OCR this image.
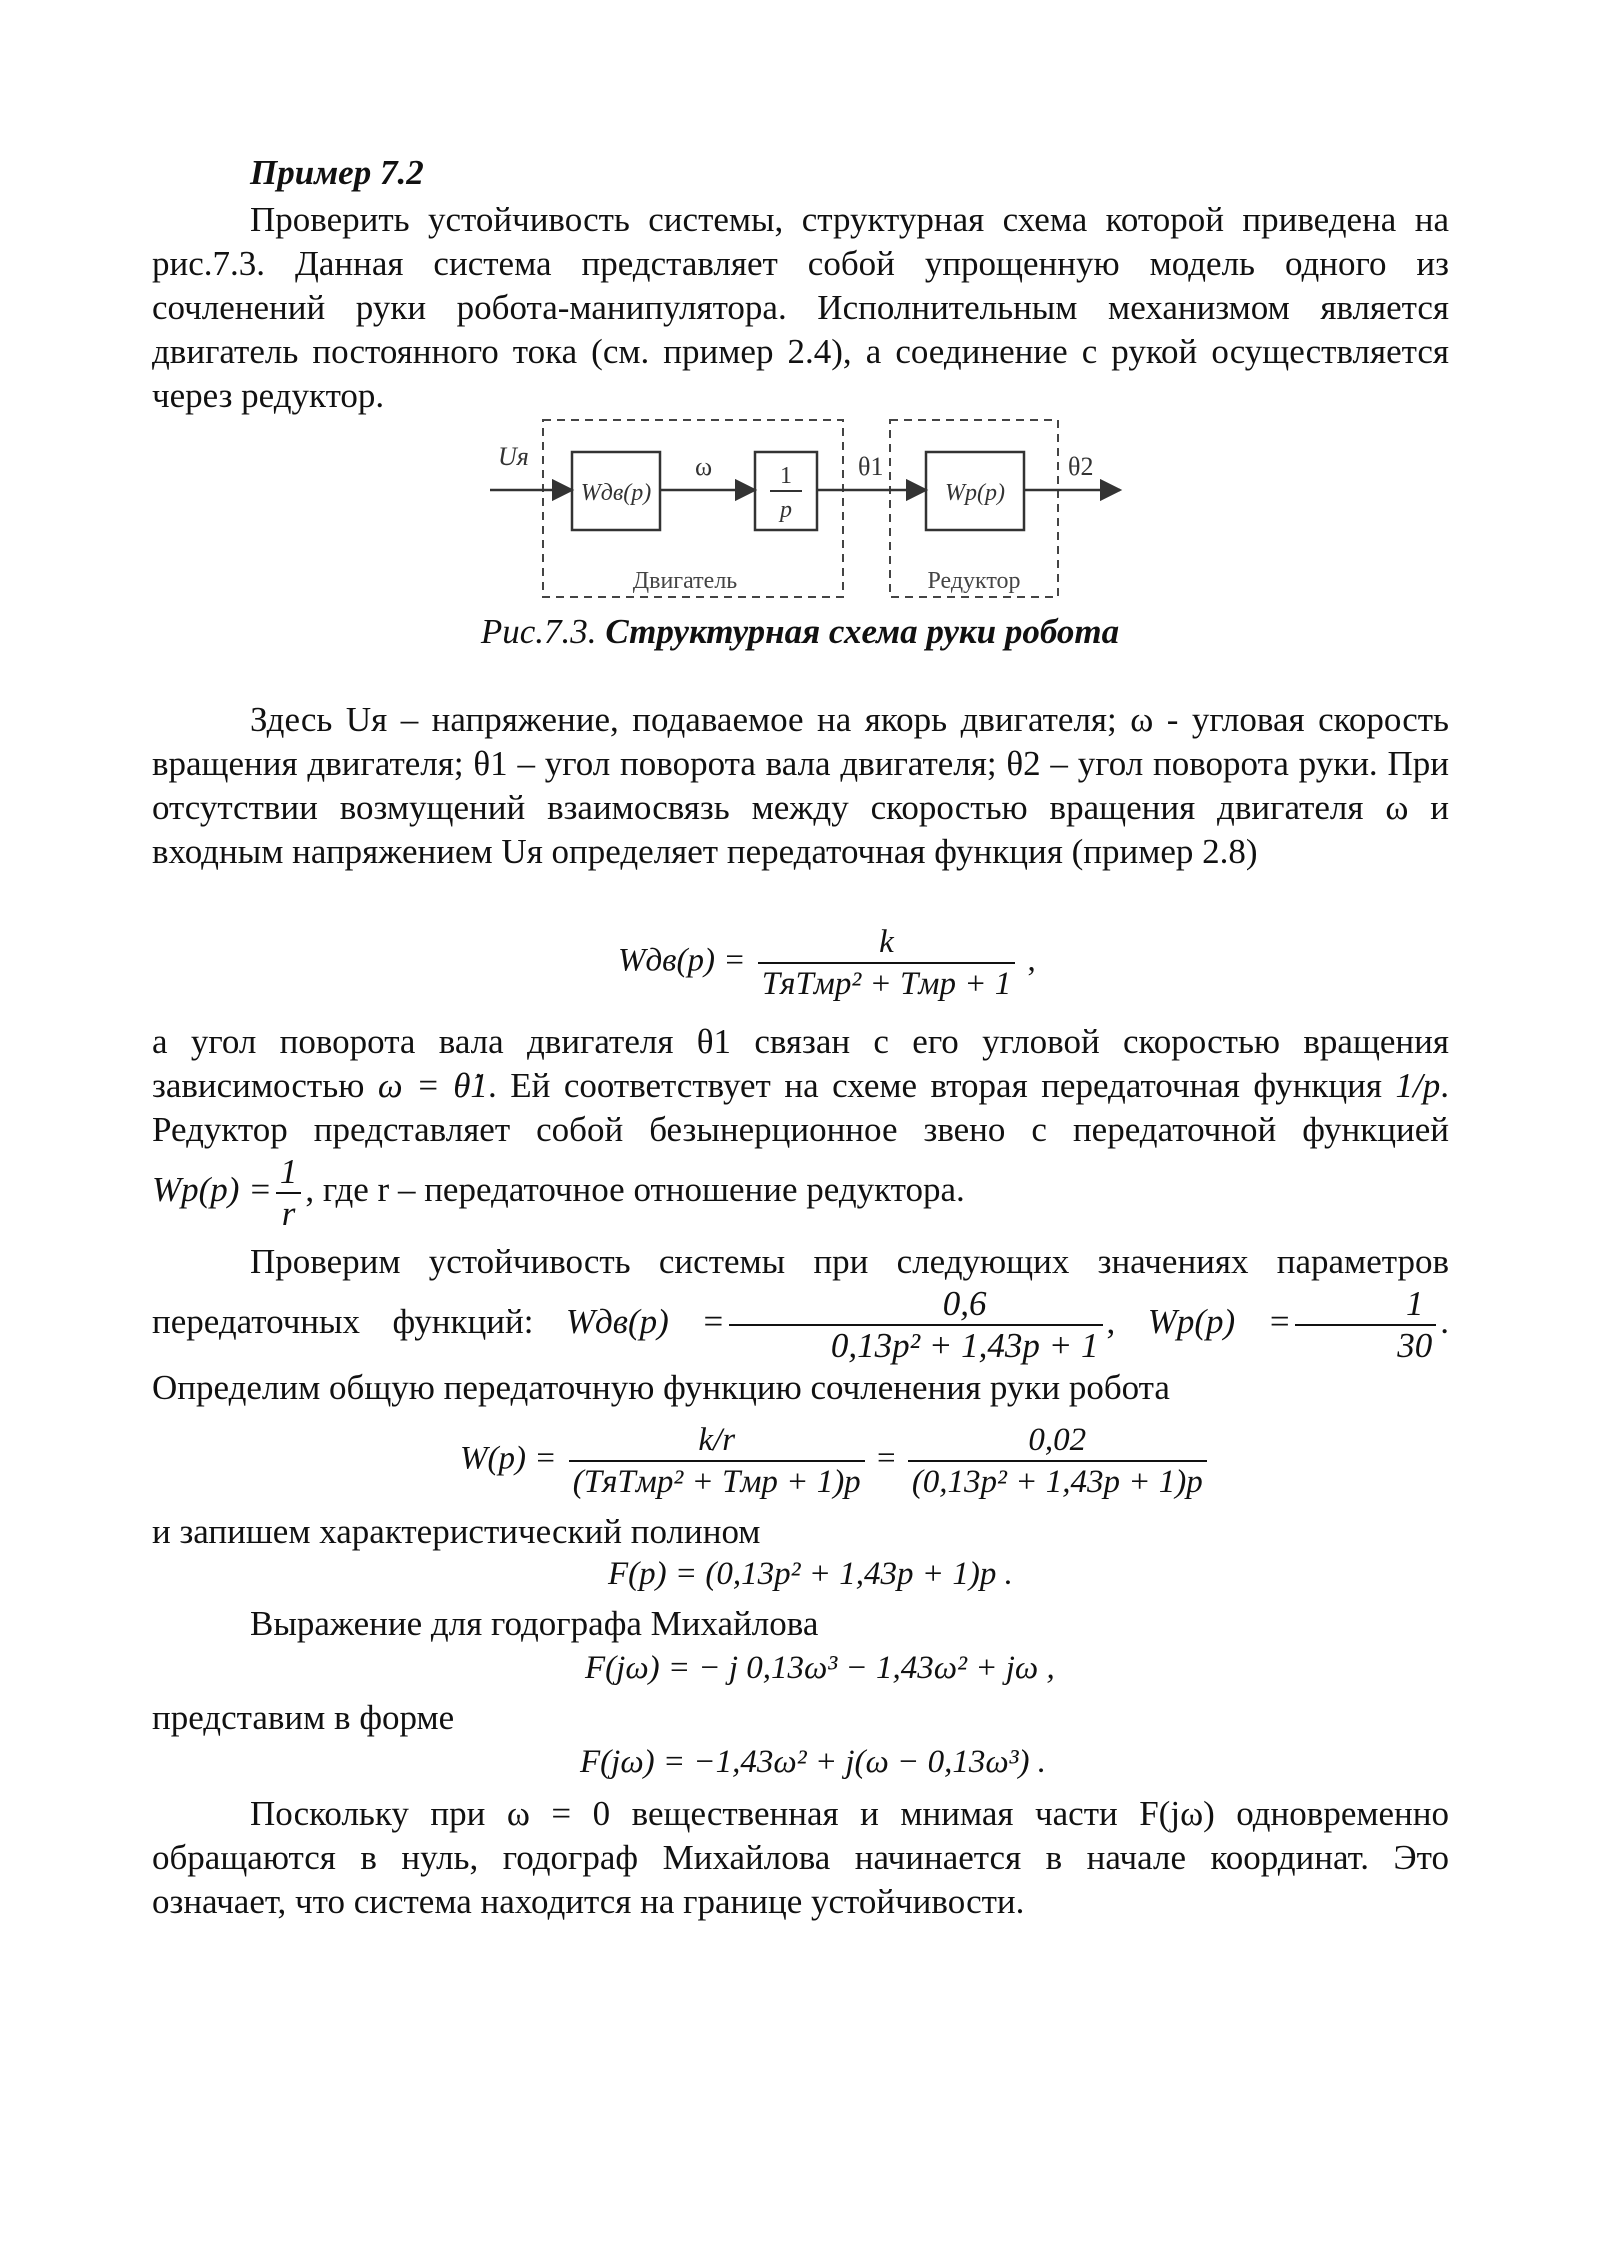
Пример 7.2

Проверить устойчивость системы, структурная схема которой приведена на рис.7.3. Данная система представляет собой упрощенную модель одного из сочленений руки робота-манипулятора. Исполнительным механизмом является двигатель постоянного тока (см. пример 2.4), а соединение с рукой осуществляется через редуктор.

Uя
Wдв(p)
ω	1
p
θ1
Wр(p)
θ2
Двигатель	Редуктор
Рис.7.3. Структурная схема руки робота

Здесь Uя – напряжение, подаваемое на якорь двигателя; ω - угловая скорость вращения двигателя; θ1 – угол поворота вала двигателя; θ2 – угол поворота руки. При отсутствии возмущений взаимосвязь между скоростью вращения двигателя ω и входным напряжением Uя определяет передаточная функция (пример 2.8)

$Wдв(p) = \frac{k}{\text{TяTмp² + Tмp + 1}}$ ,

а угол поворота вала двигателя θ1 связан с его угловой скоростью вращения зависимостью ω = θ̇1. Ей соответствует на схеме вторая передаточная функция 1/p. Редуктор представляет собой безынерционное звено с передаточной функцией $Wp(p) = \frac{1}{r}$ , где r – передаточное отношение редуктора.

Проверим устойчивость системы при следующих значениях параметров передаточных функций: $Wдв(p) = \frac{0,6}{\text{0,13p² + 1,43p + 1}}$ , $Wp(p) = \frac{1}{30}$ . Определим общую передаточную функцию сочленения руки робота

$W(p) = \frac{k/r}{\text{(TяTмp² + Tмp + 1)p}} = \frac{0,02}{\text{(0,13p² + 1,43p + 1)p}}$

и запишем характеристический полином

F(p) = (0,13p² + 1,43p + 1)p .

Выражение для годографа Михайлова

F(jω) = − j 0,13ω³ − 1,43ω² + jω ,

представим в форме

F(jω) = −1,43ω² + j(ω − 0,13ω³) .

Поскольку при ω = 0 вещественная и мнимая части F(jω) одновременно обращаются в нуль, годограф Михайлова начинается в начале координат. Это означает, что система находится на границе устойчивости.
